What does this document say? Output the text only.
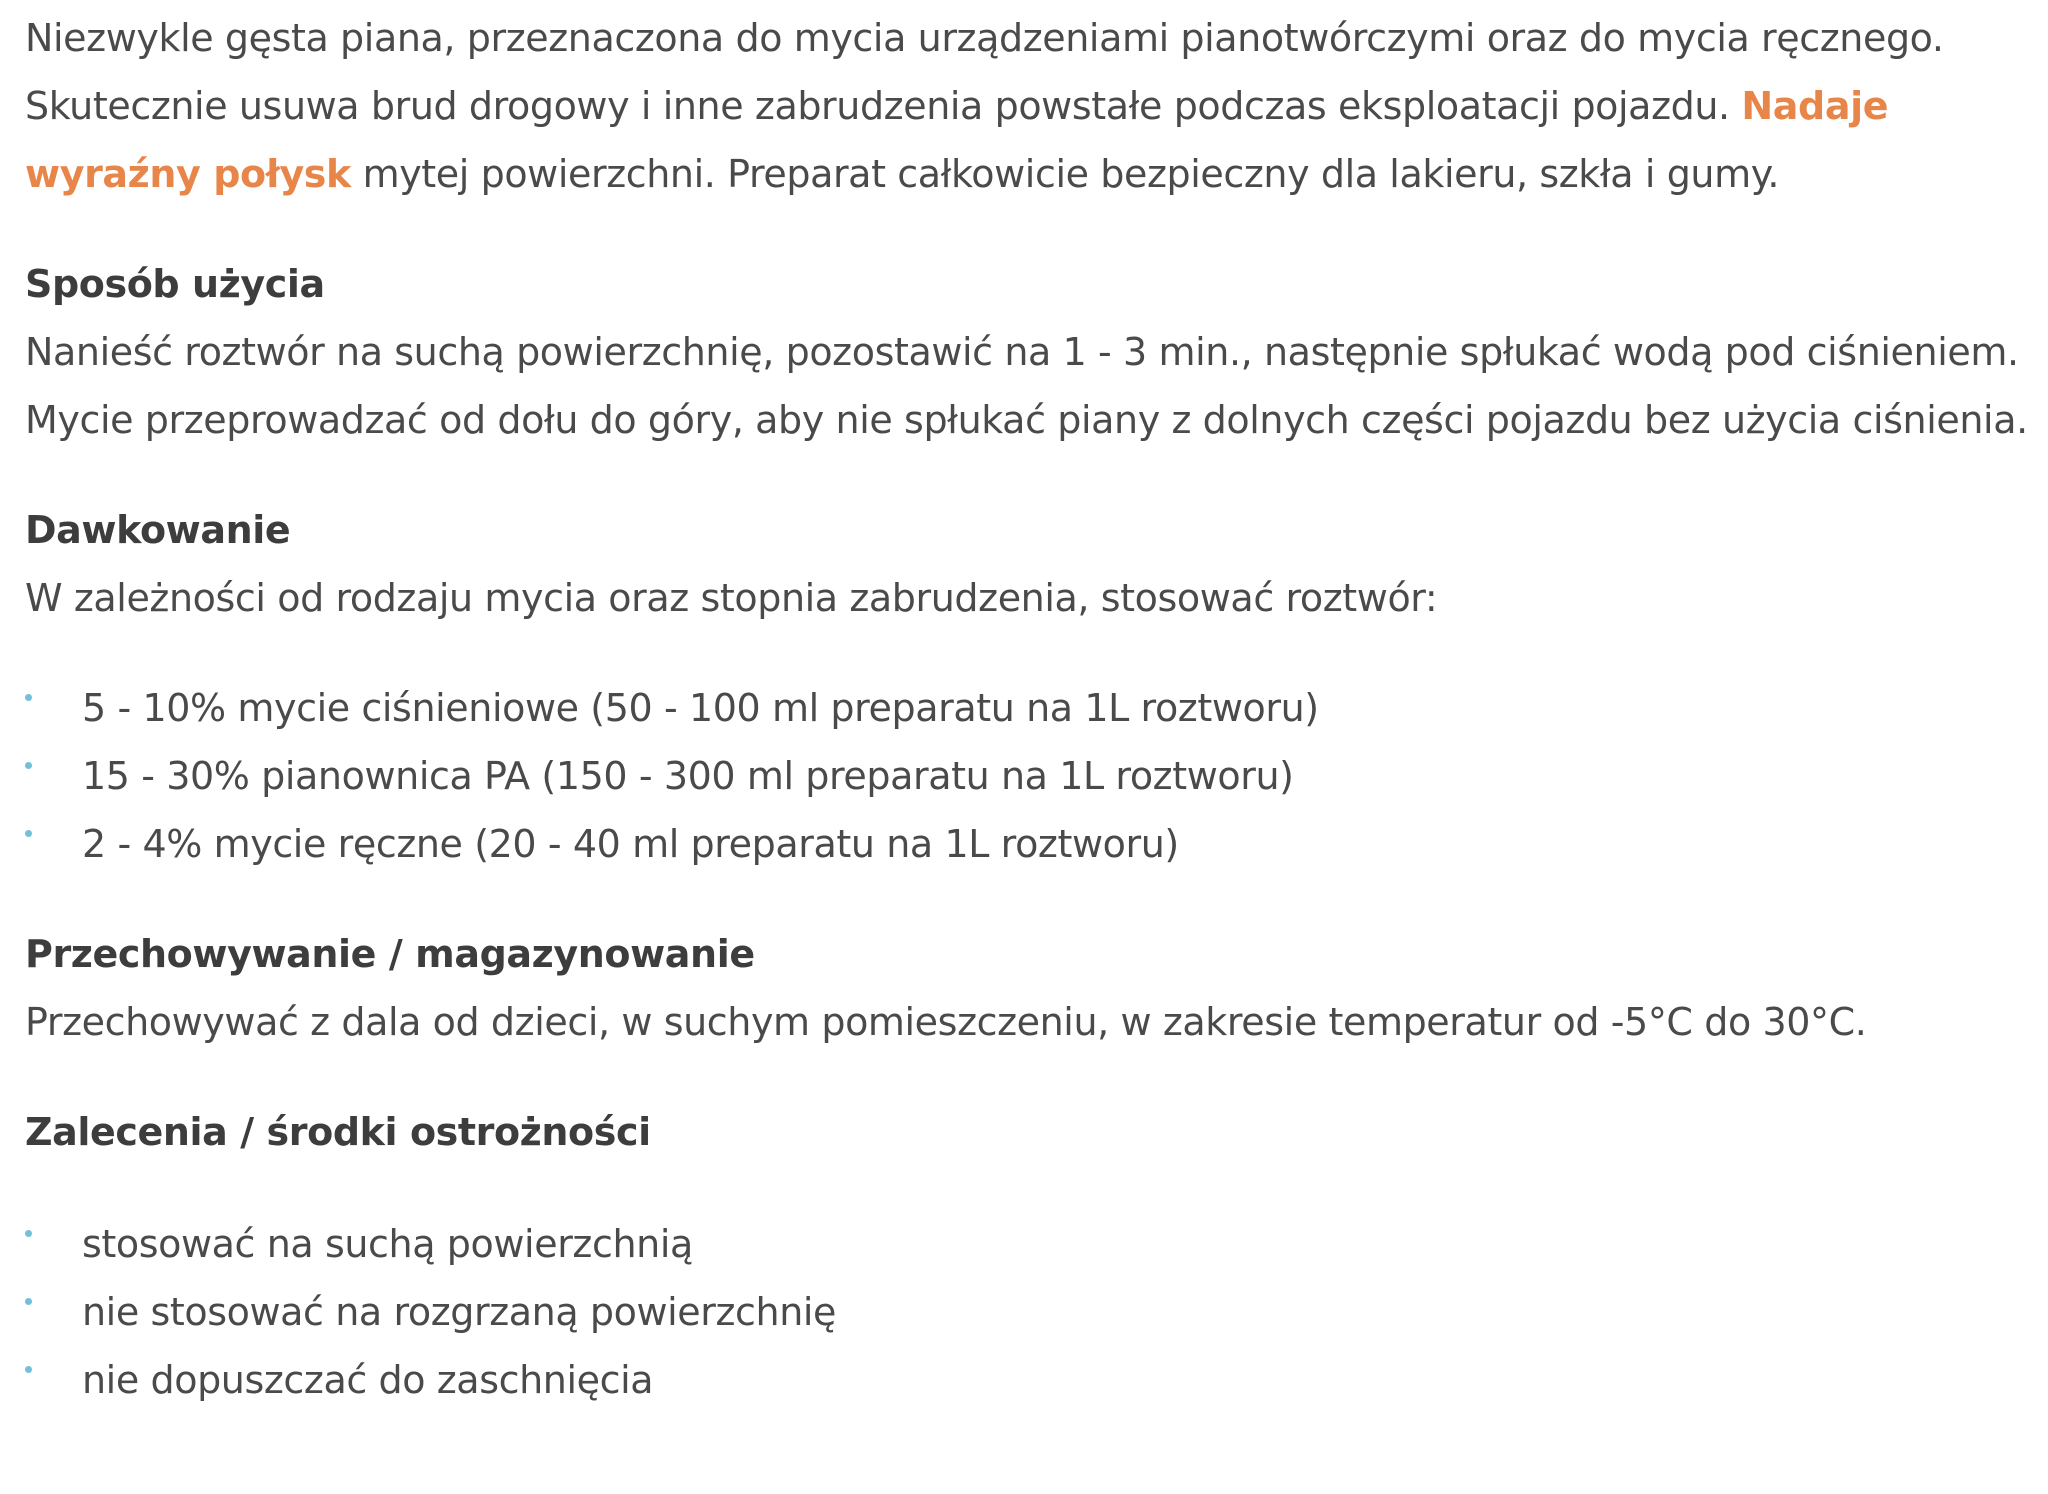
Niezwykle gęsta piana, przeznaczona do mycia urządzeniami pianotwórczymi oraz do mycia ręcznego. Skutecznie usuwa brud drogowy i inne zabrudzenia powstałe podczas eksploatacji pojazdu. Nadaje wyraźny połysk mytej powierzchni. Preparat całkowicie bezpieczny dla lakieru, szkła i gumy.

Sposób użycia

Nanieść roztwór na suchą powierzchnię, pozostawić na 1 - 3 min., następnie spłukać wodą pod ciśnieniem. Mycie przeprowadzać od dołu do góry, aby nie spłukać piany z dolnych części pojazdu bez użycia ciśnienia.

Dawkowanie

W zależności od rodzaju mycia oraz stopnia zabrudzenia, stosować roztwór:

5 - 10% mycie ciśnieniowe (50 - 100 ml preparatu na 1L roztworu)
15 - 30% pianownica PA (150 - 300 ml preparatu na 1L roztworu)
2 - 4% mycie ręczne (20 - 40 ml preparatu na 1L roztworu)
Przechowywanie / magazynowanie

Przechowywać z dala od dzieci, w suchym pomieszczeniu, w zakresie temperatur od -5°C do 30°C.

Zalecenia / środki ostrożności
stosować na suchą powierzchnią
nie stosować na rozgrzaną powierzchnię
nie dopuszczać do zaschnięcia
